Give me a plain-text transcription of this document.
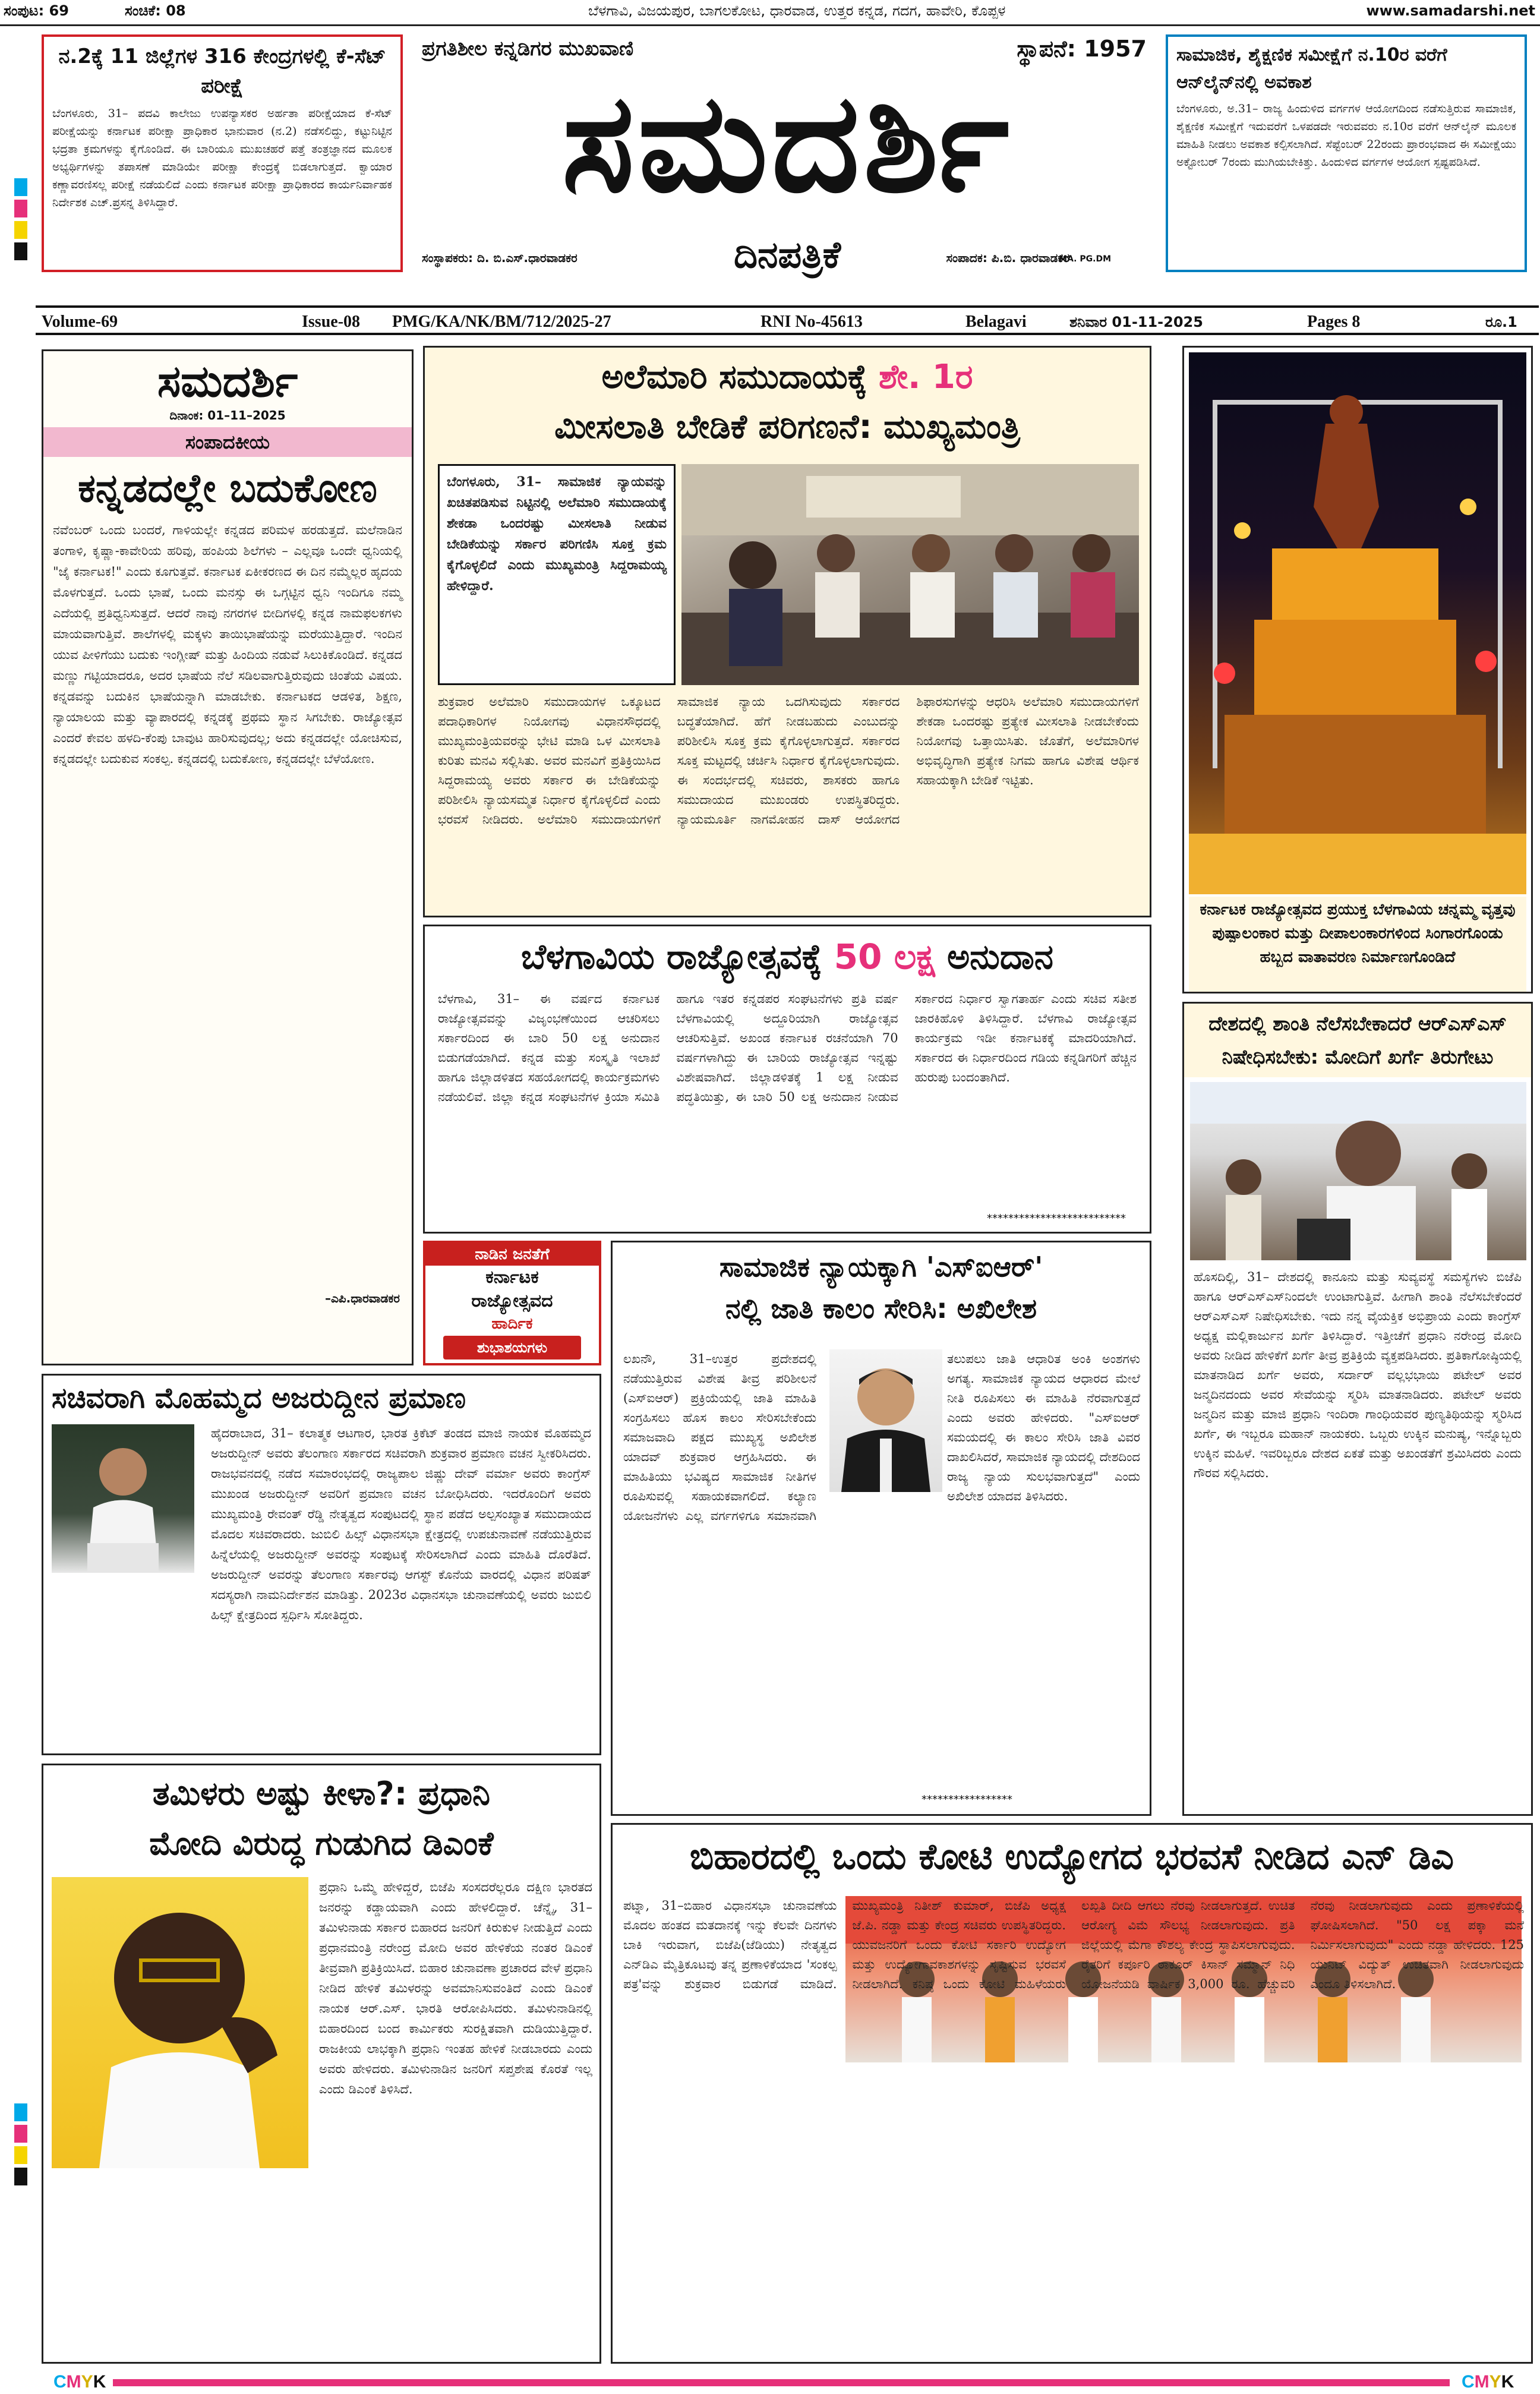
ಸಂಪುಟ: 69	ಸಂಚಿಕೆ: 08	ಬೆಳಗಾವಿ, ವಿಜಯಪುರ, ಬಾಗಲಕೋಟ, ಧಾರವಾಡ, ಉತ್ತರ ಕನ್ನಡ, ಗದಗ, ಹಾವೇರಿ, ಕೊಪ್ಪಳ	www.samadarshi.net
ನ.2ಕ್ಕೆ 11 ಜಿಲ್ಲೆಗಳ 316 ಕೇಂದ್ರಗಳಲ್ಲಿ ಕೆ-ಸೆಟ್ ಪರೀಕ್ಷೆ
ಬೆಂಗಳೂರು, 31– ಪದವಿ ಕಾಲೇಜು ಉಪನ್ಯಾಸಕರ ಅರ್ಹತಾ ಪರೀಕ್ಷೆಯಾದ ಕೆ-ಸೆಟ್ ಪರೀಕ್ಷೆಯನ್ನು ಕರ್ನಾಟಕ ಪರೀಕ್ಷಾ ಪ್ರಾಧಿಕಾರ ಭಾನುವಾರ (ನ.2) ನಡೆಸಲಿದ್ದು, ಕಟ್ಟುನಿಟ್ಟಿನ ಭದ್ರತಾ ಕ್ರಮಗಳನ್ನು ಕೈಗೊಂಡಿದೆ. ಈ ಬಾರಿಯೂ ಮುಖಚಹರೆ ಪತ್ತೆ ತಂತ್ರಜ್ಞಾನದ ಮೂಲಕ ಅಭ್ಯರ್ಥಿಗಳನ್ನು ತಪಾಸಣೆ ಮಾಡಿಯೇ ಪರೀಕ್ಷಾ ಕೇಂದ್ರಕ್ಕೆ ಬಿಡಲಾಗುತ್ತದೆ. ಕ್ವಾಯಾರ ಕಣ್ಣಾವರಣಿಸಲ್ಲ ಪರೀಕ್ಷೆ ನಡೆಯಲಿದೆ ಎಂದು ಕರ್ನಾಟಕ ಪರೀಕ್ಷಾ ಪ್ರಾಧಿಕಾರದ ಕಾರ್ಯನಿರ್ವಾಹಕ ನಿರ್ದೇಶಕ ಎಚ್.ಪ್ರಸನ್ನ ತಿಳಿಸಿದ್ದಾರೆ.
ಪ್ರಗತಿಶೀಲ ಕನ್ನಡಿಗರ ಮುಖವಾಣಿ	ಸ್ಥಾಪನೆ: 1957
ಸಮದರ್ಶಿ
ಸಂಸ್ಥಾಪಕರು: ದಿ. ಬಿ.ಎಸ್.ಧಾರವಾಡಕರ	ದಿನಪತ್ರಿಕೆ	ಸಂಪಾದಕ: ಪಿ.ಬಿ. ಧಾರವಾಡಕರ
MA. PG.DM
ಸಾಮಾಜಿಕ, ಶೈಕ್ಷಣಿಕ ಸಮೀಕ್ಷೆಗೆ ನ.10ರ ವರೆಗೆ ಆನ್‌ಲೈನ್‌ನಲ್ಲಿ ಅವಕಾಶ
ಬೆಂಗಳೂರು, ಅ.31– ರಾಜ್ಯ ಹಿಂದುಳಿದ ವರ್ಗಗಳ ಆಯೋಗದಿಂದ ನಡೆಸುತ್ತಿರುವ ಸಾಮಾಜಿಕ, ಶೈಕ್ಷಣಿಕ ಸಮೀಕ್ಷೆಗೆ ಇದುವರೆಗೆ ಒಳಪಡದೇ ಇರುವವರು ನ.10ರ ವರೆಗೆ ಆನ್‌ಲೈನ್ ಮೂಲಕ ಮಾಹಿತಿ ನೀಡಲು ಅವಕಾಶ ಕಲ್ಪಿಸಲಾಗಿದೆ. ಸೆಪ್ಟೆಂಬರ್ 22ರಂದು ಪ್ರಾರಂಭವಾದ ಈ ಸಮೀಕ್ಷೆಯು ಅಕ್ಟೋಬರ್ 7ರಂದು ಮುಗಿಯಬೇಕಿತ್ತು. ಹಿಂದುಳಿದ ವರ್ಗಗಳ ಆಯೋಗ ಸ್ಪಷ್ಟಪಡಿಸಿದೆ.
Volume-69	Issue-08 PMG/KA/NK/BM/712/2025-27	RNI No-45613	Belagavi	ಶನಿವಾರ 01-11-2025	Pages 8	ರೂ.1
ಸಮದರ್ಶಿ
ದಿನಾಂಕ: 01–11–2025
ಸಂಪಾದಕೀಯ
ಕನ್ನಡದಲ್ಲೇ ಬದುಕೋಣ
ನವೆಂಬರ್ ಒಂದು ಬಂದರೆ, ಗಾಳಿಯಲ್ಲೇ ಕನ್ನಡದ ಪರಿಮಳ ಹರಡುತ್ತದೆ. ಮಲೆನಾಡಿನ ತಂಗಾಳಿ, ಕೃಷ್ಣಾ-ಕಾವೇರಿಯ ಹರಿವು, ಹಂಪಿಯ ಶಿಲೆಗಳು – ಎಲ್ಲವೂ ಒಂದೇ ಧ್ವನಿಯಲ್ಲಿ "ಜೈ ಕರ್ನಾಟಕ!" ಎಂದು ಕೂಗುತ್ತವೆ. ಕರ್ನಾಟಕ ಏಕೀಕರಣದ ಈ ದಿನ ನಮ್ಮೆಲ್ಲರ ಹೃದಯ ಮೊಳಗುತ್ತದೆ. ಒಂದು ಭಾಷೆ, ಒಂದು ಮನಸ್ಸು ಈ ಒಗ್ಗಟ್ಟಿನ ಧ್ವನಿ ಇಂದಿಗೂ ನಮ್ಮ ಎದೆಯಲ್ಲಿ ಪ್ರತಿಧ್ವನಿಸುತ್ತದೆ. ಆದರೆ ನಾವು ನಗರಗಳ ಬೀದಿಗಳಲ್ಲಿ ಕನ್ನಡ ನಾಮಫಲಕಗಳು ಮಾಯವಾಗುತ್ತಿವೆ. ಶಾಲೆಗಳಲ್ಲಿ ಮಕ್ಕಳು ತಾಯಿಭಾಷೆಯನ್ನು ಮರೆಯುತ್ತಿದ್ದಾರೆ. ಇಂದಿನ ಯುವ ಪೀಳಿಗೆಯು ಬದುಕು ಇಂಗ್ಲೀಷ್ ಮತ್ತು ಹಿಂದಿಯ ನಡುವೆ ಸಿಲುಕಿಕೊಂಡಿದೆ. ಕನ್ನಡದ ಮಣ್ಣು ಗಟ್ಟಿಯಾದರೂ, ಅದರ ಭಾಷೆಯ ನೆಲೆ ಸಡಿಲವಾಗುತ್ತಿರುವುದು ಚಿಂತೆಯ ವಿಷಯ. ಕನ್ನಡವನ್ನು ಬದುಕಿನ ಭಾಷೆಯನ್ನಾಗಿ ಮಾಡಬೇಕು. ಕರ್ನಾಟಕದ ಆಡಳಿತ, ಶಿಕ್ಷಣ, ನ್ಯಾಯಾಲಯ ಮತ್ತು ವ್ಯಾಪಾರದಲ್ಲಿ ಕನ್ನಡಕ್ಕೆ ಪ್ರಥಮ ಸ್ಥಾನ ಸಿಗಬೇಕು. ರಾಜ್ಯೋತ್ಸವ ಎಂದರೆ ಕೇವಲ ಹಳದಿ-ಕೆಂಪು ಬಾವುಟ ಹಾರಿಸುವುದಲ್ಲ; ಅದು ಕನ್ನಡದಲ್ಲೇ ಯೋಚಿಸುವ, ಕನ್ನಡದಲ್ಲೇ ಬದುಕುವ ಸಂಕಲ್ಪ. ಕನ್ನಡದಲ್ಲಿ ಬದುಕೋಣ, ಕನ್ನಡದಲ್ಲೇ ಬೆಳೆಯೋಣ.
–ಎಪಿ.ಧಾರವಾಡಕರ
ಅಲೆಮಾರಿ ಸಮುದಾಯಕ್ಕೆ ಶೇ. 1ರ
ಮೀಸಲಾತಿ ಬೇಡಿಕೆ ಪರಿಗಣನೆ: ಮುಖ್ಯಮಂತ್ರಿ
ಬೆಂಗಳೂರು, 31– ಸಾಮಾಜಿಕ ನ್ಯಾಯವನ್ನು ಖಚಿತಪಡಿಸುವ ನಿಟ್ಟಿನಲ್ಲಿ ಅಲೆಮಾರಿ ಸಮುದಾಯಕ್ಕೆ ಶೇಕಡಾ ಒಂದರಷ್ಟು ಮೀಸಲಾತಿ ನೀಡುವ ಬೇಡಿಕೆಯನ್ನು ಸರ್ಕಾರ ಪರಿಗಣಿಸಿ ಸೂಕ್ತ ಕ್ರಮ ಕೈಗೊಳ್ಳಲಿದೆ ಎಂದು ಮುಖ್ಯಮಂತ್ರಿ ಸಿದ್ದರಾಮಯ್ಯ ಹೇಳಿದ್ದಾರೆ.
ಶುಕ್ರವಾರ ಅಲೆಮಾರಿ ಸಮುದಾಯಗಳ ಒಕ್ಕೂಟದ ಪದಾಧಿಕಾರಿಗಳ ನಿಯೋಗವು ವಿಧಾನಸೌಧದಲ್ಲಿ ಮುಖ್ಯಮಂತ್ರಿಯವರನ್ನು ಭೇಟಿ ಮಾಡಿ ಒಳ ಮೀಸಲಾತಿ ಕುರಿತು ಮನವಿ ಸಲ್ಲಿಸಿತು. ಅವರ ಮನವಿಗೆ ಪ್ರತಿಕ್ರಿಯಿಸಿದ ಸಿದ್ದರಾಮಯ್ಯ ಅವರು ಸರ್ಕಾರ ಈ ಬೇಡಿಕೆಯನ್ನು ಪರಿಶೀಲಿಸಿ ನ್ಯಾಯಸಮ್ಮತ ನಿರ್ಧಾರ ಕೈಗೊಳ್ಳಲಿದೆ ಎಂದು ಭರವಸೆ ನೀಡಿದರು. ಅಲೆಮಾರಿ ಸಮುದಾಯಗಳಿಗೆ ಸಾಮಾಜಿಕ ನ್ಯಾಯ ಒದಗಿಸುವುದು ಸರ್ಕಾರದ ಬದ್ಧತೆಯಾಗಿದೆ. ಹೆಗೆ ನೀಡಬಹುದು ಎಂಬುದನ್ನು ಪರಿಶೀಲಿಸಿ ಸೂಕ್ತ ಕ್ರಮ ಕೈಗೊಳ್ಳಲಾಗುತ್ತದೆ. ಸರ್ಕಾರದ ಸೂಕ್ತ ಮಟ್ಟದಲ್ಲಿ ಚರ್ಚಿಸಿ ನಿರ್ಧಾರ ಕೈಗೊಳ್ಳಲಾಗುವುದು. ಈ ಸಂದರ್ಭದಲ್ಲಿ ಸಚಿವರು, ಶಾಸಕರು ಹಾಗೂ ಸಮುದಾಯದ ಮುಖಂಡರು ಉಪಸ್ಥಿತರಿದ್ದರು. ನ್ಯಾಯಮೂರ್ತಿ ನಾಗಮೋಹನ ದಾಸ್ ಆಯೋಗದ ಶಿಫಾರಸುಗಳನ್ನು ಆಧರಿಸಿ ಅಲೆಮಾರಿ ಸಮುದಾಯಗಳಿಗೆ ಶೇಕಡಾ ಒಂದರಷ್ಟು ಪ್ರತ್ಯೇಕ ಮೀಸಲಾತಿ ನೀಡಬೇಕೆಂದು ನಿಯೋಗವು ಒತ್ತಾಯಿಸಿತು. ಜೊತೆಗೆ, ಅಲೆಮಾರಿಗಳ ಅಭಿವೃದ್ಧಿಗಾಗಿ ಪ್ರತ್ಯೇಕ ನಿಗಮ ಹಾಗೂ ವಿಶೇಷ ಆರ್ಥಿಕ ಸಹಾಯಕ್ಕಾಗಿ ಬೇಡಿಕೆ ಇಟ್ಟಿತು.
ಕರ್ನಾಟಕ ರಾಜ್ಯೋತ್ಸವದ ಪ್ರಯುಕ್ತ ಬೆಳಗಾವಿಯ ಚನ್ನಮ್ಮ ವೃತ್ತವು ಪುಷ್ಪಾಲಂಕಾರ ಮತ್ತು ದೀಪಾಲಂಕಾರಗಳಿಂದ ಸಿಂಗಾರಗೊಂಡು ಹಬ್ಬದ ವಾತಾವರಣ ನಿರ್ಮಾಣಗೊಂಡಿದೆ
ಬೆಳಗಾವಿಯ ರಾಜ್ಯೋತ್ಸವಕ್ಕೆ 50 ಲಕ್ಷ ಅನುದಾನ
ಬೆಳಗಾವಿ, 31– ಈ ವರ್ಷದ ಕರ್ನಾಟಕ ರಾಜ್ಯೋತ್ಸವವನ್ನು ವಿಜೃಂಭಣೆಯಿಂದ ಆಚರಿಸಲು ಸರ್ಕಾರದಿಂದ ಈ ಬಾರಿ 50 ಲಕ್ಷ ಅನುದಾನ ಬಿಡುಗಡೆಯಾಗಿದೆ. ಕನ್ನಡ ಮತ್ತು ಸಂಸ್ಕೃತಿ ಇಲಾಖೆ ಹಾಗೂ ಜಿಲ್ಲಾಡಳಿತದ ಸಹಯೋಗದಲ್ಲಿ ಕಾರ್ಯಕ್ರಮಗಳು ನಡೆಯಲಿವೆ. ಜಿಲ್ಲಾ ಕನ್ನಡ ಸಂಘಟನೆಗಳ ಕ್ರಿಯಾ ಸಮಿತಿ ಹಾಗೂ ಇತರ ಕನ್ನಡಪರ ಸಂಘಟನೆಗಳು ಪ್ರತಿ ವರ್ಷ ಬೆಳಗಾವಿಯಲ್ಲಿ ಅದ್ದೂರಿಯಾಗಿ ರಾಜ್ಯೋತ್ಸವ ಆಚರಿಸುತ್ತಿವೆ. ಅಖಂಡ ಕರ್ನಾಟಕ ರಚನೆಯಾಗಿ 70 ವರ್ಷಗಳಾಗಿದ್ದು ಈ ಬಾರಿಯ ರಾಜ್ಯೋತ್ಸವ ಇನ್ನಷ್ಟು ವಿಶೇಷವಾಗಿದೆ. ಜಿಲ್ಲಾಡಳಿತಕ್ಕೆ 1 ಲಕ್ಷ ನೀಡುವ ಪದ್ಧತಿಯಿತ್ತು, ಈ ಬಾರಿ 50 ಲಕ್ಷ ಅನುದಾನ ನೀಡುವ ಸರ್ಕಾರದ ನಿರ್ಧಾರ ಸ್ವಾಗತಾರ್ಹ ಎಂದು ಸಚಿವ ಸತೀಶ ಜಾರಕಿಹೊಳಿ ತಿಳಿಸಿದ್ದಾರೆ. ಬೆಳಗಾವಿ ರಾಜ್ಯೋತ್ಸವ ಕಾರ್ಯಕ್ರಮ ಇಡೀ ಕರ್ನಾಟಕಕ್ಕೆ ಮಾದರಿಯಾಗಿದೆ. ಸರ್ಕಾರದ ಈ ನಿರ್ಧಾರದಿಂದ ಗಡಿಯ ಕನ್ನಡಿಗರಿಗೆ ಹೆಚ್ಚಿನ ಹುರುಪು ಬಂದಂತಾಗಿದೆ.
**************************
ನಾಡಿನ ಜನತೆಗೆ
ಕರ್ನಾಟಕ
ರಾಜ್ಯೋತ್ಸವದ
ಹಾರ್ದಿಕ
ಶುಭಾಶಯಗಳು
ದೇಶದಲ್ಲಿ ಶಾಂತಿ ನೆಲೆಸಬೇಕಾದರೆ ಆರ್‌ಎಸ್‌ಎಸ್ ನಿಷೇಧಿಸಬೇಕು: ಮೋದಿಗೆ ಖರ್ಗೆ ತಿರುಗೇಟು
ಹೊಸದಿಲ್ಲಿ, 31– ದೇಶದಲ್ಲಿ ಕಾನೂನು ಮತ್ತು ಸುವ್ಯವಸ್ಥೆ ಸಮಸ್ಯೆಗಳು ಬಿಜೆಪಿ ಹಾಗೂ ಆರ್‌ಎಸ್‌ಎಸ್‌ನಿಂದಲೇ ಉಂಟಾಗುತ್ತಿವೆ. ಹೀಗಾಗಿ ಶಾಂತಿ ನೆಲೆಸಬೇಕೆಂದರೆ ಆರ್‌ಎಸ್‌ಎಸ್ ನಿಷೇಧಿಸಬೇಕು. ಇದು ನನ್ನ ವೈಯಕ್ತಿಕ ಅಭಿಪ್ರಾಯ ಎಂದು ಕಾಂಗ್ರೆಸ್ ಅಧ್ಯಕ್ಷ ಮಲ್ಲಿಕಾರ್ಜುನ ಖರ್ಗೆ ತಿಳಿಸಿದ್ದಾರೆ. ಇತ್ತೀಚೆಗೆ ಪ್ರಧಾನಿ ನರೇಂದ್ರ ಮೋದಿ ಅವರು ನೀಡಿದ ಹೇಳಿಕೆಗೆ ಖರ್ಗೆ ತೀವ್ರ ಪ್ರತಿಕ್ರಿಯೆ ವ್ಯಕ್ತಪಡಿಸಿದರು. ಪ್ರತಿಕಾಗೋಷ್ಠಿಯಲ್ಲಿ ಮಾತನಾಡಿದ ಖರ್ಗೆ ಅವರು, ಸರ್ದಾರ್ ವಲ್ಲಭಭಾಯಿ ಪಟೇಲ್ ಅವರ ಜನ್ಮದಿನದಂದು ಅವರ ಸೇವೆಯನ್ನು ಸ್ಮರಿಸಿ ಮಾತನಾಡಿದರು. ಪಟೇಲ್ ಅವರು ಜನ್ಮದಿನ ಮತ್ತು ಮಾಜಿ ಪ್ರಧಾನಿ ಇಂದಿರಾ ಗಾಂಧಿಯವರ ಪುಣ್ಯತಿಥಿಯನ್ನು ಸ್ಮರಿಸಿದ ಖರ್ಗೆ, ಈ ಇಬ್ಬರೂ ಮಹಾನ್ ನಾಯಕರು. ಒಬ್ಬರು ಉಕ್ಕಿನ ಮನುಷ್ಯ, ಇನ್ನೊಬ್ಬರು ಉಕ್ಕಿನ ಮಹಿಳೆ. ಇವರಿಬ್ಬರೂ ದೇಶದ ಏಕತೆ ಮತ್ತು ಅಖಂಡತೆಗೆ ಶ್ರಮಿಸಿದರು ಎಂದು ಗೌರವ ಸಲ್ಲಿಸಿದರು.
ಸಾಮಾಜಿಕ ನ್ಯಾಯಕ್ಕಾಗಿ 'ಎಸ್‌ಐಆರ್'
ನಲ್ಲಿ ಜಾತಿ ಕಾಲಂ ಸೇರಿಸಿ: ಅಖಿಲೇಶ
ಲಖನೌ, 31–ಉತ್ತರ ಪ್ರದೇಶದಲ್ಲಿ ನಡೆಯುತ್ತಿರುವ ವಿಶೇಷ ತೀವ್ರ ಪರಿಶೀಲನೆ (ಎಸ್‌ಐಆರ್) ಪ್ರಕ್ರಿಯೆಯಲ್ಲಿ ಜಾತಿ ಮಾಹಿತಿ ಸಂಗ್ರಹಿಸಲು ಹೊಸ ಕಾಲಂ ಸೇರಿಸಬೇಕೆಂದು ಸಮಾಜವಾದಿ ಪಕ್ಷದ ಮುಖ್ಯಸ್ಥ ಅಖಿಲೇಶ ಯಾದವ್ ಶುಕ್ರವಾರ ಆಗ್ರಹಿಸಿದರು. ಈ ಮಾಹಿತಿಯು ಭವಿಷ್ಯದ ಸಾಮಾಜಿಕ ನೀತಿಗಳ ರೂಪಿಸುವಲ್ಲಿ ಸಹಾಯಕವಾಗಲಿದೆ. ಕಲ್ಯಾಣ ಯೋಜನೆಗಳು ಎಲ್ಲ ವರ್ಗಗಳಿಗೂ ಸಮಾನವಾಗಿ ತಲುಪಲು ಜಾತಿ ಆಧಾರಿತ ಅಂಕಿ ಅಂಶಗಳು ಅಗತ್ಯ. ಸಾಮಾಜಿಕ ನ್ಯಾಯದ ಆಧಾರದ ಮೇಲೆ ನೀತಿ ರೂಪಿಸಲು ಈ ಮಾಹಿತಿ ನೆರವಾಗುತ್ತದೆ ಎಂದು ಅವರು ಹೇಳಿದರು. "ಎಸ್‌ಐಆರ್ ಸಮಯದಲ್ಲಿ ಈ ಕಾಲಂ ಸೇರಿಸಿ ಜಾತಿ ವಿವರ ದಾಖಲಿಸಿದರೆ, ಸಾಮಾಜಿಕ ನ್ಯಾಯದಲ್ಲಿ ದೇಶದಿಂದ ರಾಜ್ಯ ನ್ಯಾಯ ಸುಲಭವಾಗುತ್ತದೆ" ಎಂದು ಅಖಿಲೇಶ ಯಾದವ ತಿಳಿಸಿದರು.
*****************
ಸಚಿವರಾಗಿ ಮೊಹಮ್ಮದ ಅಜರುದ್ದೀನ ಪ್ರಮಾಣ
ಹೈದರಾಬಾದ, 31– ಕಲಾತ್ಮಕ ಆಟಗಾರ, ಭಾರತ ಕ್ರಿಕೆಟ್ ತಂಡದ ಮಾಜಿ ನಾಯಕ ಮೊಹಮ್ಮದ ಅಜರುದ್ದೀನ್ ಅವರು ತೆಲಂಗಾಣ ಸರ್ಕಾರದ ಸಚಿವರಾಗಿ ಶುಕ್ರವಾರ ಪ್ರಮಾಣ ವಚನ ಸ್ವೀಕರಿಸಿದರು. ರಾಜಭವನದಲ್ಲಿ ನಡೆದ ಸಮಾರಂಭದಲ್ಲಿ ರಾಜ್ಯಪಾಲ ಜಿಷ್ಣು ದೇವ್ ವರ್ಮಾ ಅವರು ಕಾಂಗ್ರೆಸ್ ಮುಖಂಡ ಅಜರುದ್ದೀನ್ ಅವರಿಗೆ ಪ್ರಮಾಣ ವಚನ ಬೋಧಿಸಿದರು. ಇದರೊಂದಿಗೆ ಅವರು ಮುಖ್ಯಮಂತ್ರಿ ರೇವಂತ್ ರೆಡ್ಡಿ ನೇತೃತ್ವದ ಸಂಪುಟದಲ್ಲಿ ಸ್ಥಾನ ಪಡೆದ ಅಲ್ಪಸಂಖ್ಯಾತ ಸಮುದಾಯದ ಮೊದಲ ಸಚಿವರಾದರು. ಜುಬಿಲಿ ಹಿಲ್ಸ್ ವಿಧಾನಸಭಾ ಕ್ಷೇತ್ರದಲ್ಲಿ ಉಪಚುನಾವಣೆ ನಡೆಯುತ್ತಿರುವ ಹಿನ್ನೆಲೆಯಲ್ಲಿ ಅಜರುದ್ದೀನ್ ಅವರನ್ನು ಸಂಪುಟಕ್ಕೆ ಸೇರಿಸಲಾಗಿದೆ ಎಂದು ಮಾಹಿತಿ ದೊರೆತಿದೆ. ಅಜರುದ್ದೀನ್ ಅವರನ್ನು ತೆಲಂಗಾಣ ಸರ್ಕಾರವು ಆಗಸ್ಟ್ ಕೊನೆಯ ವಾರದಲ್ಲಿ ವಿಧಾನ ಪರಿಷತ್ ಸದಸ್ಯರಾಗಿ ನಾಮನಿರ್ದೇಶನ ಮಾಡಿತ್ತು. 2023ರ ವಿಧಾನಸಭಾ ಚುನಾವಣೆಯಲ್ಲಿ ಅವರು ಜುಬಿಲಿ ಹಿಲ್ಸ್ ಕ್ಷೇತ್ರದಿಂದ ಸ್ಪರ್ಧಿಸಿ ಸೋತಿದ್ದರು.
ತಮಿಳರು ಅಷ್ಟು ಕೀಳಾ?: ಪ್ರಧಾನಿ
ಮೋದಿ ವಿರುದ್ಧ ಗುಡುಗಿದ ಡಿಎಂಕೆ
ಪ್ರಧಾನಿ ಒಮ್ಮೆ ಹೇಳಿದ್ದರೆ, ಬಿಜೆಪಿ ಸಂಸದರೆಲ್ಲರೂ ದಕ್ಷಿಣ ಭಾರತದ ಜನರನ್ನು ಕಡ್ಡಾಯವಾಗಿ ಎಂದು ಹೇಳಲಿದ್ದಾರೆ. ಚೆನ್ನೈ, 31– ತಮಿಳುನಾಡು ಸರ್ಕಾರ ಬಿಹಾರದ ಜನರಿಗೆ ಕಿರುಕುಳ ನೀಡುತ್ತಿದೆ ಎಂದು ಪ್ರಧಾನಮಂತ್ರಿ ನರೇಂದ್ರ ಮೋದಿ ಅವರ ಹೇಳಿಕೆಯ ನಂತರ ಡಿಎಂಕೆ ತೀವ್ರವಾಗಿ ಪ್ರತಿಕ್ರಿಯಿಸಿದೆ. ಬಿಹಾರ ಚುನಾವಣಾ ಪ್ರಚಾರದ ವೇಳೆ ಪ್ರಧಾನಿ ನೀಡಿದ ಹೇಳಿಕೆ ತಮಿಳರನ್ನು ಅವಮಾನಿಸುವಂತಿದೆ ಎಂದು ಡಿಎಂಕೆ ನಾಯಕ ಆರ್.ಎಸ್. ಭಾರತಿ ಆರೋಪಿಸಿದರು. ತಮಿಳುನಾಡಿನಲ್ಲಿ ಬಿಹಾರದಿಂದ ಬಂದ ಕಾರ್ಮಿಕರು ಸುರಕ್ಷಿತವಾಗಿ ದುಡಿಯುತ್ತಿದ್ದಾರೆ. ರಾಜಕೀಯ ಲಾಭಕ್ಕಾಗಿ ಪ್ರಧಾನಿ ಇಂತಹ ಹೇಳಿಕೆ ನೀಡಬಾರದು ಎಂದು ಅವರು ಹೇಳಿದರು. ತಮಿಳುನಾಡಿನ ಜನರಿಗೆ ಸಪ್ತಶೇಷ ಕೊರತೆ ಇಲ್ಲ ಎಂದು ಡಿಎಂಕೆ ತಿಳಿಸಿದೆ.
ಬಿಹಾರದಲ್ಲಿ ಒಂದು ಕೋಟಿ ಉದ್ಯೋಗದ ಭರವಸೆ ನೀಡಿದ ಎನ್ ಡಿಎ
ಪಟ್ನಾ, 31–ಬಿಹಾರ ವಿಧಾನಸಭಾ ಚುನಾವಣೆಯ ಮೊದಲ ಹಂತದ ಮತದಾನಕ್ಕೆ ಇನ್ನು ಕೆಲವೇ ದಿನಗಳು ಬಾಕಿ ಇರುವಾಗ, ಬಿಜೆಪಿ(ಜೆಡಿಯು) ನೇತೃತ್ವದ ಎನ್‌ಡಿಎ ಮೈತ್ರಿಕೂಟವು ತನ್ನ ಪ್ರಣಾಳಿಕೆಯಾದ 'ಸಂಕಲ್ಪ ಪತ್ರ'ವನ್ನು ಶುಕ್ರವಾರ ಬಿಡುಗಡೆ ಮಾಡಿದೆ. ಮುಖ್ಯಮಂತ್ರಿ ನಿತೀಶ್ ಕುಮಾರ್, ಬಿಜೆಪಿ ಅಧ್ಯಕ್ಷ ಜೆ.ಪಿ. ನಡ್ಡಾ ಮತ್ತು ಕೇಂದ್ರ ಸಚಿವರು ಉಪಸ್ಥಿತರಿದ್ದರು. ಯುವಜನರಿಗೆ ಒಂದು ಕೋಟಿ ಸರ್ಕಾರಿ ಉದ್ಯೋಗ ಮತ್ತು ಉದ್ಯೋಗಾವಕಾಶಗಳನ್ನು ಸೃಷ್ಟಿಸುವ ಭರವಸೆ ನೀಡಲಾಗಿದೆ. ಕನಿಷ್ಠ ಒಂದು ಕೋಟಿ ಮಹಿಳೆಯರು ಲಖ್ಪತಿ ದೀದಿ ಆಗಲು ನೆರವು ನೀಡಲಾಗುತ್ತದೆ. ಉಚಿತ ಆರೋಗ್ಯ ವಿಮೆ ಸೌಲಭ್ಯ ನೀಡಲಾಗುವುದು. ಪ್ರತಿ ಜಿಲ್ಲೆಯಲ್ಲಿ ಮೆಗಾ ಕೌಶಲ್ಯ ಕೇಂದ್ರ ಸ್ಥಾಪಿಸಲಾಗುವುದು. ರೈತರಿಗೆ ಕರ್ಪೂರಿ ಠಾಕೂರ್ ಕಿಸಾನ್ ಸಮ್ಮಾನ್ ನಿಧಿ ಯೋಜನೆಯಡಿ ವಾರ್ಷಿಕ 3,000 ರೂ. ಹೆಚ್ಚುವರಿ ನೆರವು ನೀಡಲಾಗುವುದು ಎಂದು ಪ್ರಣಾಳಿಕೆಯಲ್ಲಿ ಘೋಷಿಸಲಾಗಿದೆ. "50 ಲಕ್ಷ ಪಕ್ಕಾ ಮನೆ ನಿರ್ಮಿಸಲಾಗುವುದು" ಎಂದು ನಡ್ಡಾ ಹೇಳಿದರು. 125 ಯುನಿಟ್ ವಿದ್ಯುತ್ ಉಚಿತವಾಗಿ ನೀಡಲಾಗುವುದು ಎಂದೂ ತಿಳಿಸಲಾಗಿದೆ.
CMYK	CMYK
